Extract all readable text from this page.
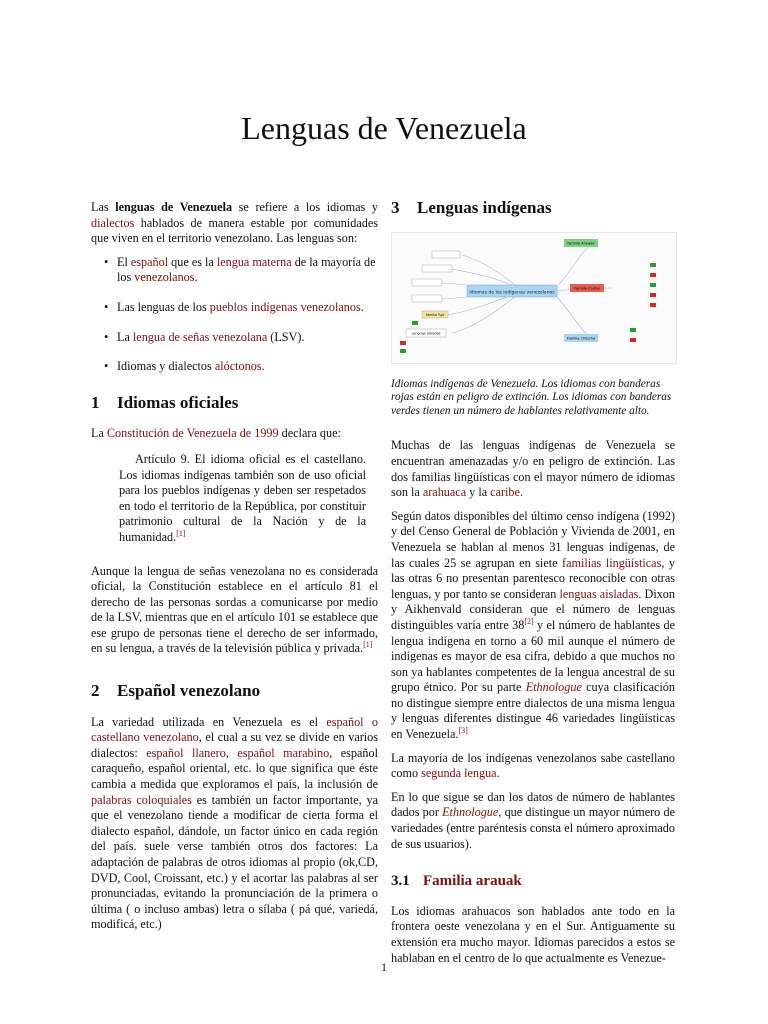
Lenguas de Venezuela

Las lenguas de Venezuela se refiere a los idiomas y dialectos hablados de manera estable por comunidades que viven en el territorio venezolano. Las lenguas son:

• El español que es la lengua materna de la mayoría de los venezolanos.
• Las lenguas de los pueblos indígenas venezolanos.
• La lengua de señas venezolana (LSV).
• Idiomas y dialectos alóctonos.
1 Idiomas oficiales

La Constitución de Venezuela de 1999 declara que:

Artículo 9. El idioma oficial es el castellano. Los idiomas indígenas también son de uso oficial para los pueblos indígenas y deben ser respetados en todo el territorio de la República, por constituir patrimonio cultural de la Nación y de la humanidad.[1]

Aunque la lengua de señas venezolana no es considerada oficial, la Constitución establece en el artículo 81 el derecho de las personas sordas a comunicarse por medio de la LSV, mientras que en el artículo 101 se establece que ese grupo de personas tiene el derecho de ser informado, en su lengua, a través de la televisión pública y privada.[1]

2 Español venezolano

La variedad utilizada en Venezuela es el español o castellano venezolano, el cual a su vez se divide en varios dialectos: español llanero, español marabino, español caraqueño, español oriental, etc. lo que significa que éste cambia a medida que exploramos el país, la inclusión de palabras coloquiales es también un factor importante, ya que el venezolano tiende a modificar de cierta forma el dialecto español, dándole, un factor único en cada región del país. suele verse también otros dos factores: La adaptación de palabras de otros idiomas al propio (ok,CD, DVD, Cool, Croissant, etc.) y el acortar las palabras al ser pronunciadas, evitando la pronunciación de la primera o última ( o incluso ambas) letra o sílaba ( pá qué, variedá, modificá, etc.)

3 Lenguas indígenas
Idiomas de los indígenas venezolanos
Familia Arawak
Familia Caribe
Familia Chibcha
Lenguas aisladas
Familia Tupí
Idiomas indígenas de Venezuela. Los idiomas con banderas rojas están en peligro de extinción. Los idiomas con banderas verdes tienen un número de hablantes relativamente alto.

Muchas de las lenguas indígenas de Venezuela se encuentran amenazadas y/o en peligro de extinción. Las dos familias lingüísticas con el mayor número de idiomas son la arahuaca y la caribe.

Según datos disponibles del último censo indígena (1992) y del Censo General de Población y Vivienda de 2001, en Venezuela se hablan al menos 31 lenguas indígenas, de las cuales 25 se agrupan en siete familias lingüísticas, y las otras 6 no presentan parentesco reconocible con otras lenguas, y por tanto se consideran lenguas aisladas. Dixon y Aikhenvald consideran que el número de lenguas distinguibles varía entre 38[2] y el número de hablantes de lengua indígena en torno a 60 mil aunque el número de indígenas es mayor de esa cifra, debido a que muchos no son ya hablantes competentes de la lengua ancestral de su grupo étnico. Por su parte Ethnologue cuya clasificación no distingue siempre entre dialectos de una misma lengua y lenguas diferentes distingue 46 variedades lingüísticas en Venezuela.[3]

La mayoría de los indígenas venezolanos sabe castellano como segunda lengua.

En lo que sigue se dan los datos de número de hablantes dados por Ethnologue, que distingue un mayor número de variedades (entre paréntesis consta el número aproximado de sus usuarios).

3.1 Familia arauak

Los idiomas arahuacos son hablados ante todo en la frontera oeste venezolana y en el Sur. Antiguamente su extensión era mucho mayor. Idiomas parecidos a estos se hablaban en el centro de lo que actualmente es Venezue-

1
